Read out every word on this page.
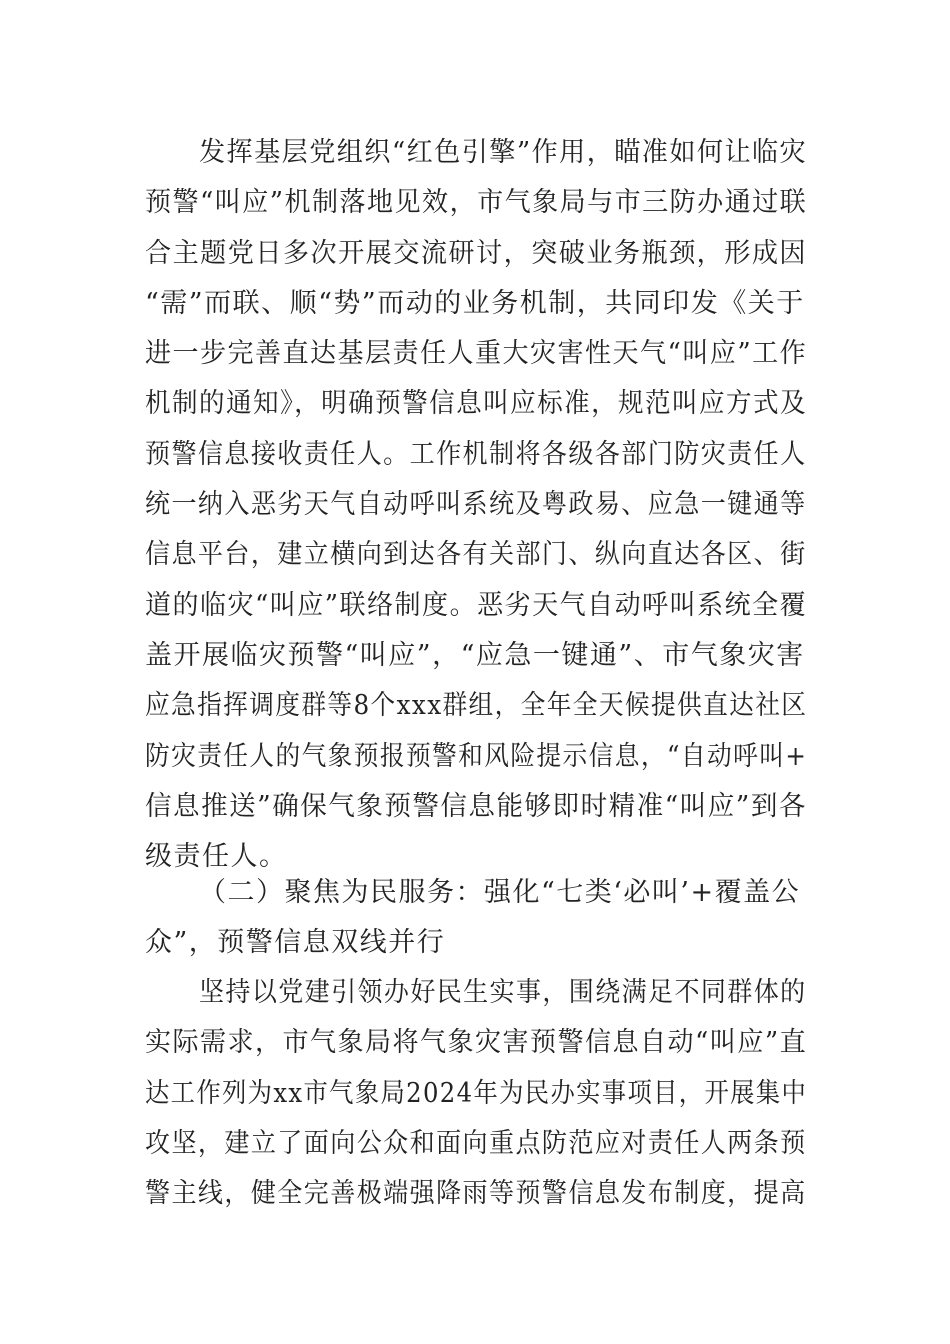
发挥基层党组织“红色引擎”作用，瞄准如何让临灾
预警“叫应”机制落地见效，市气象局与市三防办通过联
合主题党日多次开展交流研讨，突破业务瓶颈，形成因
“需”而联、顺“势”而动的业务机制，共同印发《关于
进一步完善直达基层责任人重大灾害性天气“叫应”工作
机制的通知》，明确预警信息叫应标准，规范叫应方式及
预警信息接收责任人。工作机制将各级各部门防灾责任人
统一纳入恶劣天气自动呼叫系统及粤政易、应急一键通等
信息平台，建立横向到达各有关部门、纵向直达各区、街
道的临灾“叫应”联络制度。恶劣天气自动呼叫系统全覆
盖开展临灾预警“叫应”，“应急一键通”、市气象灾害
应急指挥调度群等8个xxx群组，全年全天候提供直达社区
防灾责任人的气象预报预警和风险提示信息，“自动呼叫+
信息推送”确保气象预警信息能够即时精准“叫应”到各
级责任人。
（二）聚焦为民服务：强化“七类‘必叫’+覆盖公
众”，预警信息双线并行
坚持以党建引领办好民生实事，围绕满足不同群体的
实际需求，市气象局将气象灾害预警信息自动“叫应”直
达工作列为xx市气象局2024年为民办实事项目，开展集中
攻坚，建立了面向公众和面向重点防范应对责任人两条预
警主线，健全完善极端强降雨等预警信息发布制度，提高
